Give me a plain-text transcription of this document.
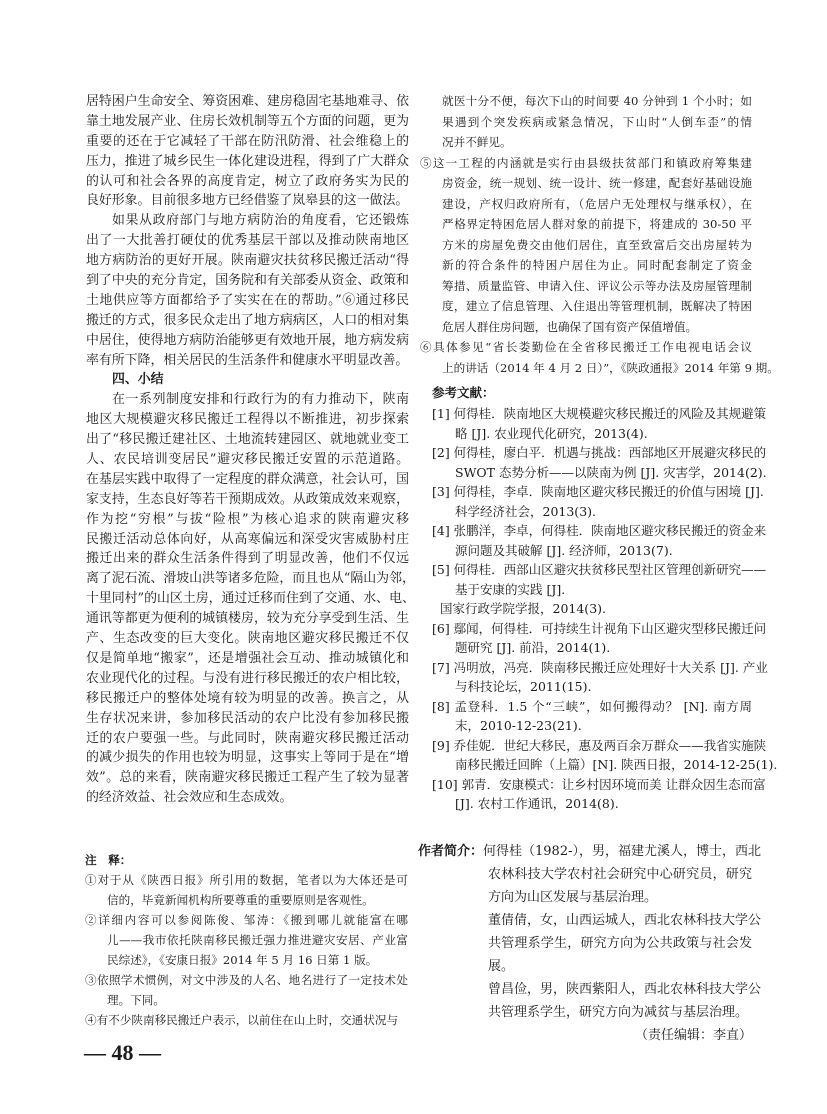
居特困户生命安全、筹资困难、建房稳固宅基地难寻、依
靠土地发展产业、住房长效机制等五个方面的问题，更为
重要的还在于它减轻了干部在防汛防滑、社会维稳上的
压力，推进了城乡民生一体化建设进程，得到了广大群众
的认可和社会各界的高度肯定，树立了政府务实为民的
良好形象。目前很多地方已经借鉴了岚皋县的这一做法。
如果从政府部门与地方病防治的角度看，它还锻炼
出了一大批善打硬仗的优秀基层干部以及推动陕南地区
地方病防治的更好开展。陕南避灾扶贫移民搬迁活动“得
到了中央的充分肯定，国务院和有关部委从资金、政策和
土地供应等方面都给予了实实在在的帮助。”⑥通过移民
搬迁的方式，很多民众走出了地方病病区，人口的相对集
中居住，使得地方病防治能够更有效地开展，地方病发病
率有所下降，相关居民的生活条件和健康水平明显改善。
四、小结
在一系列制度安排和行政行为的有力推动下，陕南
地区大规模避灾移民搬迁工程得以不断推进，初步探索
出了“移民搬迁建社区、土地流转建园区、就地就业变工
人、农民培训变居民”避灾移民搬迁安置的示范道路。
在基层实践中取得了一定程度的群众满意，社会认可，国
家支持，生态良好等若干预期成效。从政策成效来观察，
作为挖“穷根”与拔“险根”为核心追求的陕南避灾移
民搬迁活动总体向好，从高寒偏远和深受灾害威胁村庄
搬迁出来的群众生活条件得到了明显改善，他们不仅远
离了泥石流、滑坡山洪等诸多危险，而且也从“隔山为邻，
十里同村”的山区土房，通过迁移而住到了交通、水、电、
通讯等都更为便利的城镇楼房，较为充分享受到生活、生
产、生态改变的巨大变化。陕南地区避灾移民搬迁不仅
仅是简单地“搬家”，还是增强社会互动、推动城镇化和
农业现代化的过程。与没有进行移民搬迁的农户相比较，
移民搬迁户的整体处境有较为明显的改善。换言之，从
生存状况来讲，参加移民活动的农户比没有参加移民搬
迁的农户要强一些。与此同时，陕南避灾移民搬迁活动
的减少损失的作用也较为明显，这事实上等同于是在“增
效”。总的来看，陕南避灾移民搬迁工程产生了较为显著
的经济效益、社会效应和生态成效。
注　释：
①对于从《陕西日报》所引用的数据，笔者以为大体还是可
信的，毕竟新闻机构所要尊重的重要原则是客观性。
②详细内容可以参阅陈俊、邹涛：《搬到哪儿就能富在哪
儿——我市依托陕南移民搬迁强力推进避灾安居、产业富
民综述》，《安康日报》2014 年 5 月 16 日第 1 版。
③依照学术惯例，对文中涉及的人名、地名进行了一定技术处
理。下同。
④有不少陕南移民搬迁户表示，以前住在山上时，交通状况与
就医十分不便，每次下山的时间要 40 分钟到 1 个小时；如
果遇到个突发疾病或紧急情况，下山时“人倒车歪”的情
况并不鲜见。
⑤这一工程的内涵就是实行由县级扶贫部门和镇政府筹集建
房资金，统一规划、统一设计、统一修建，配套好基础设施
建设，产权归政府所有，（危居户无处理权与继承权），在
严格界定特困危居人群对象的前提下，将建成的 30-50 平
方米的房屋免费交由他们居住，直至致富后交出房屋转为
新的符合条件的特困户居住为止。同时配套制定了资金
筹措、质量监管、申请入住、评议公示等办法及房屋管理制
度，建立了信息管理、入住退出等管理机制，既解决了特困
危居人群住房问题，也确保了国有资产保值增值。
⑥具体参见“省长娄勤俭在全省移民搬迁工作电视电话会议
上的讲话（2014 年 4 月 2 日）”，《陕政通报》2014 年第 9 期。
参考文献：
[1] 何得桂．陕南地区大规模避灾移民搬迁的风险及其规避策
略 [J]. 农业现代化研究，2013(4).
[2] 何得桂，廖白平．机遇与挑战：西部地区开展避灾移民的
SWOT 态势分析——以陕南为例 [J]. 灾害学，2014(2).
[3] 何得桂，李卓．陕南地区避灾移民搬迁的价值与困境 [J].
科学经济社会，2013(3).
[4] 张鹏洋，李卓，何得桂．陕南地区避灾移民搬迁的资金来
源问题及其破解 [J]. 经济师，2013(7).
[5] 何得桂．西部山区避灾扶贫移民型社区管理创新研究——
基于安康的实践 [J].
国家行政学院学报，2014(3).
[6] 鄢闻，何得桂．可持续生计视角下山区避灾型移民搬迁问
题研究 [J]. 前沿，2014(1).
[7] 冯明放，冯亮．陕南移民搬迁应处理好十大关系 [J]. 产业
与科技论坛，2011(15).
[8] 孟登科．1.5 个“三峡”，如何搬得动？ [N]. 南方周
末，2010-12-23(21).
[9] 乔佳妮．世纪大移民，惠及两百余万群众——我省实施陕
南移民搬迁回眸（上篇）[N]. 陕西日报，2014-12-25(1).
[10] 郭青．安康模式：让乡村因环境而美 让群众因生态而富
[J]. 农村工作通讯，2014(8).
作者简介：何得桂（1982-），男，福建尤溪人，博士，西北
农林科技大学农村社会研究中心研究员，研究
方向为山区发展与基层治理。
董倩倩，女，山西运城人，西北农林科技大学公
共管理系学生，研究方向为公共政策与社会发
展。
曾昌俭，男，陕西紫阳人，西北农林科技大学公
共管理系学生，研究方向为减贫与基层治理。
（责任编辑：李直）
— 48 —
